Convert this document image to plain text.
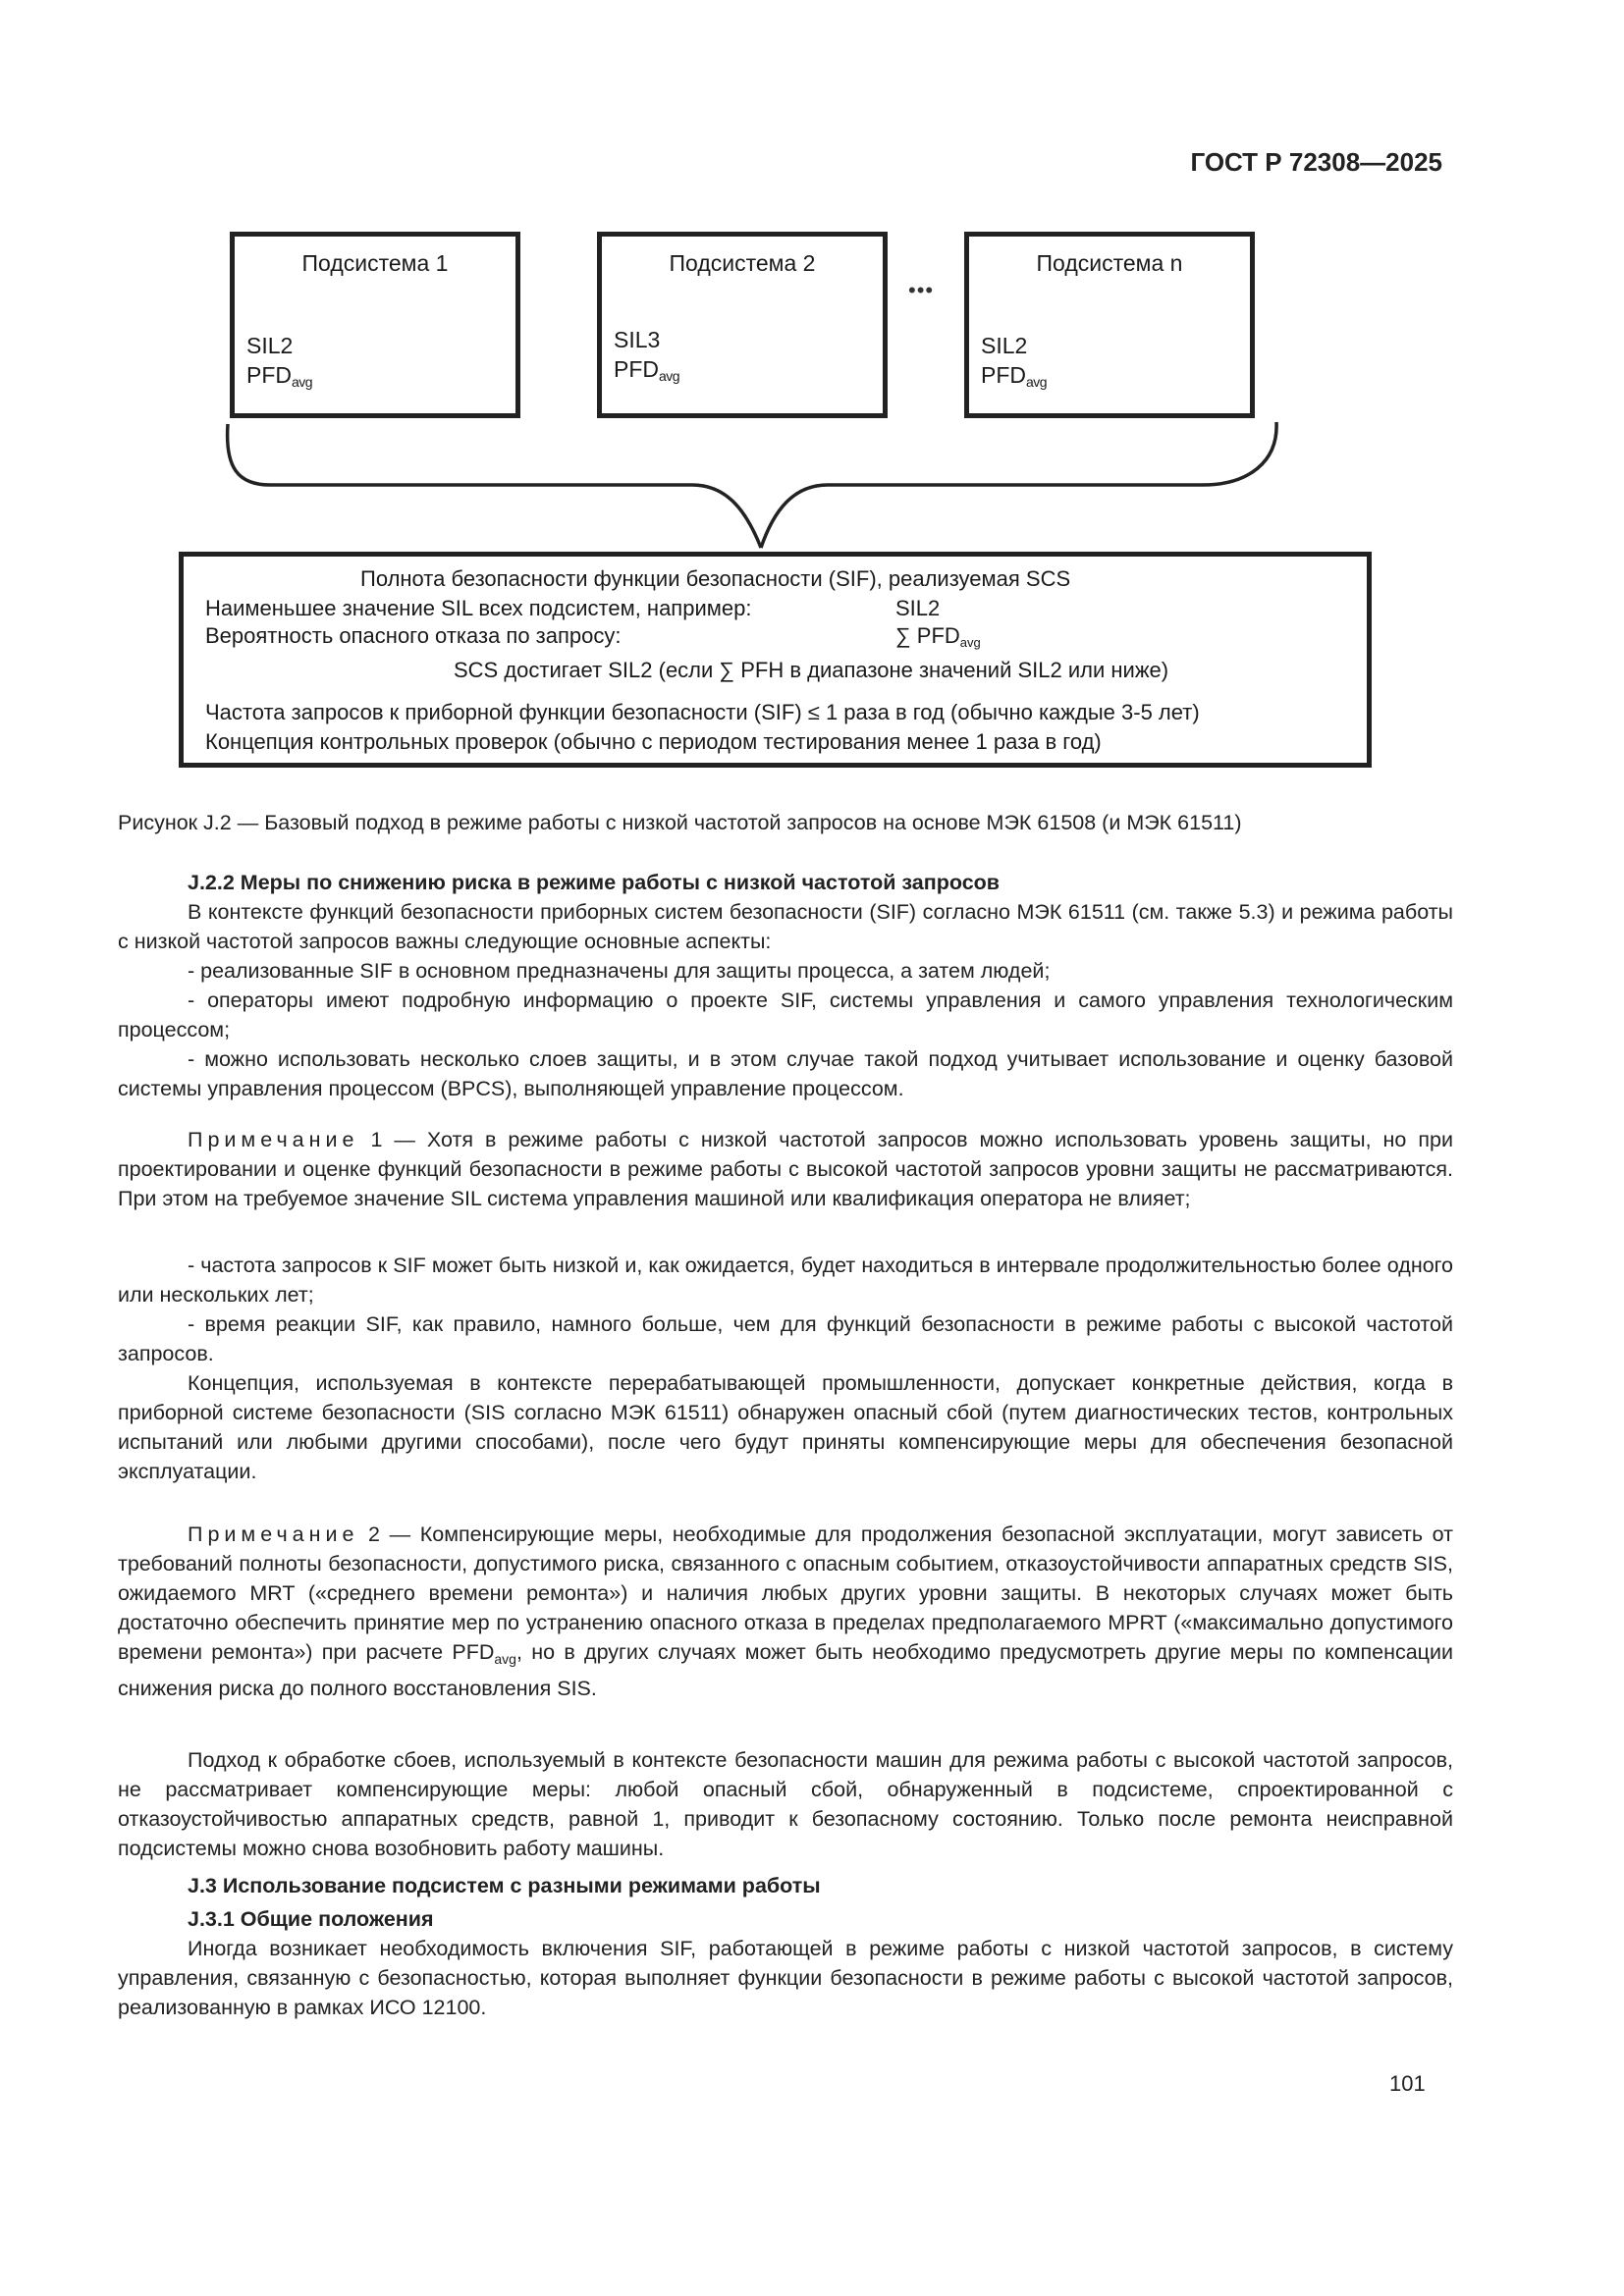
ГОСТ Р 72308—2025
Подсистема 1
SIL2
$PFD_{avg}$
Подсистема 2
SIL3
$PFD_{avg}$
•••
Подсистема n
SIL2
$PFD_{avg}$
Полнота безопасности функции безопасности (SIF), реализуемая SCS
Наименьшее значение SIL всех подсистем, например:	SIL2
Вероятность опасного отказа по запросу:	∑ $PFD_{avg}$
SCS достигает SIL2 (если ∑ PFH в диапазоне значений SIL2 или ниже)
Частота запросов к приборной функции безопасности (SIF) ≤ 1 раза в год (обычно каждые 3-5 лет)
Концепция контрольных проверок (обычно с периодом тестирования менее 1 раза в год)
Рисунок J.2 — Базовый подход в режиме работы с низкой частотой запросов на основе МЭК 61508 (и МЭК 61511)

J.2.2 Меры по снижению риска в режиме работы с низкой частотой запросов

В контексте функций безопасности приборных систем безопасности (SIF) согласно МЭК 61511 (см. также 5.3) и режима работы с низкой частотой запросов важны следующие основные аспекты:

- реализованные SIF в основном предназначены для защиты процесса, а затем людей;

- операторы имеют подробную информацию о проекте SIF, системы управления и самого управления технологическим процессом;

- можно использовать несколько слоев защиты, и в этом случае такой подход учитывает использование и оценку базовой системы управления процессом (BPCS), выполняющей управление процессом.

Примечание 1 — Хотя в режиме работы с низкой частотой запросов можно использовать уровень защиты, но при проектировании и оценке функций безопасности в режиме работы с высокой частотой запросов уровни защиты не рассматриваются. При этом на требуемое значение SIL система управления машиной или квалификация оператора не влияет;

- частота запросов к SIF может быть низкой и, как ожидается, будет находиться в интервале продолжительностью более одного или нескольких лет;

- время реакции SIF, как правило, намного больше, чем для функций безопасности в режиме работы с высокой частотой запросов.

Концепция, используемая в контексте перерабатывающей промышленности, допускает конкретные действия, когда в приборной системе безопасности (SIS согласно МЭК 61511) обнаружен опасный сбой (путем диагностических тестов, контрольных испытаний или любыми другими способами), после чего будут приняты компенсирующие меры для обеспечения безопасной эксплуатации.

Примечание 2 — Компенсирующие меры, необходимые для продолжения безопасной эксплуатации, могут зависеть от требований полноты безопасности, допустимого риска, связанного с опасным событием, отказоустойчивости аппаратных средств SIS, ожидаемого MRT («среднего времени ремонта») и наличия любых других уровни защиты. В некоторых случаях может быть достаточно обеспечить принятие мер по устранению опасного отказа в пределах предполагаемого MPRT («максимально допустимого времени ремонта») при расчете $PFD_{avg}$, но в других случаях может быть необходимо предусмотреть другие меры по компенсации снижения риска до полного восстановления SIS.

Подход к обработке сбоев, используемый в контексте безопасности машин для режима работы с высокой частотой запросов, не рассматривает компенсирующие меры: любой опасный сбой, обнаруженный в подсистеме, спроектированной с отказоустойчивостью аппаратных средств, равной 1, приводит к безопасному состоянию. Только после ремонта неисправной подсистемы можно снова возобновить работу машины.

J.3 Использование подсистем с разными режимами работы

J.3.1 Общие положения

Иногда возникает необходимость включения SIF, работающей в режиме работы с низкой частотой запросов, в систему управления, связанную с безопасностью, которая выполняет функции безопасности в режиме работы с высокой частотой запросов, реализованную в рамках ИСО 12100.

101
